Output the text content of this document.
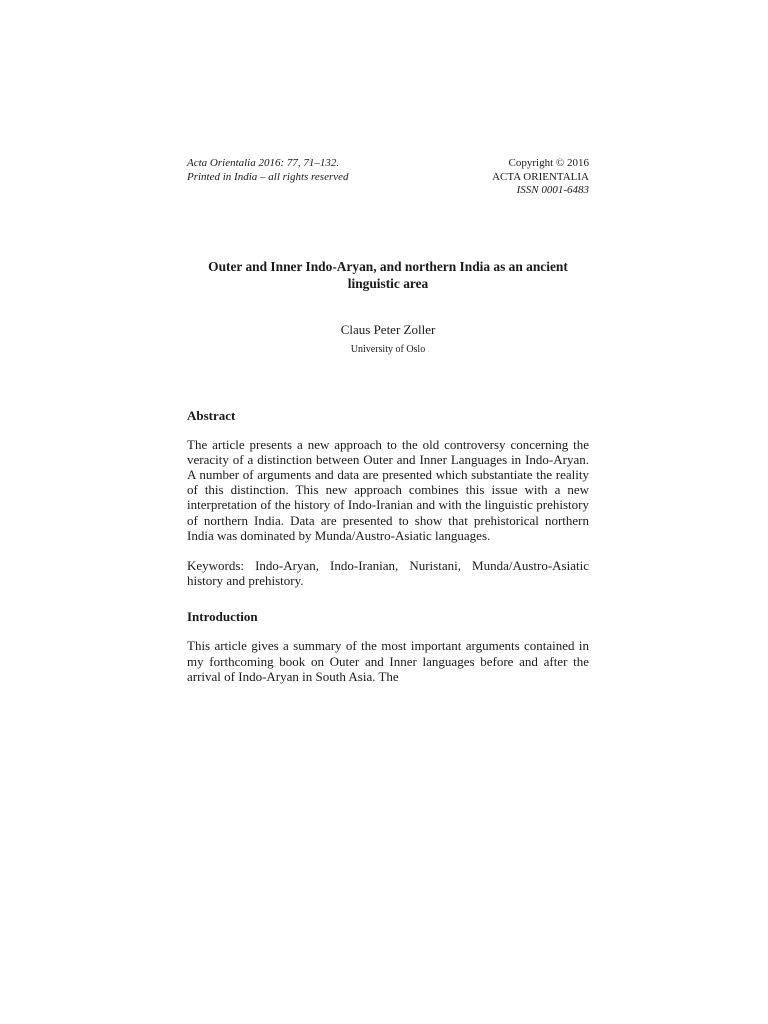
Acta Orientalia 2016: 77, 71–132.
Printed in India – all rights reserved
Copyright © 2016
ACTA ORIENTALIA
ISSN 0001-6483
Outer and Inner Indo-Aryan, and northern India as an ancient linguistic area
Claus Peter Zoller
University of Oslo
Abstract
The article presents a new approach to the old controversy concerning the veracity of a distinction between Outer and Inner Languages in Indo-Aryan. A number of arguments and data are presented which substantiate the reality of this distinction. This new approach combines this issue with a new interpretation of the history of Indo-Iranian and with the linguistic prehistory of northern India. Data are presented to show that prehistorical northern India was dominated by Munda/Austro-Asiatic languages.
Keywords: Indo-Aryan, Indo-Iranian, Nuristani, Munda/Austro-Asiatic history and prehistory.
Introduction
This article gives a summary of the most important arguments contained in my forthcoming book on Outer and Inner languages before and after the arrival of Indo-Aryan in South Asia. The
